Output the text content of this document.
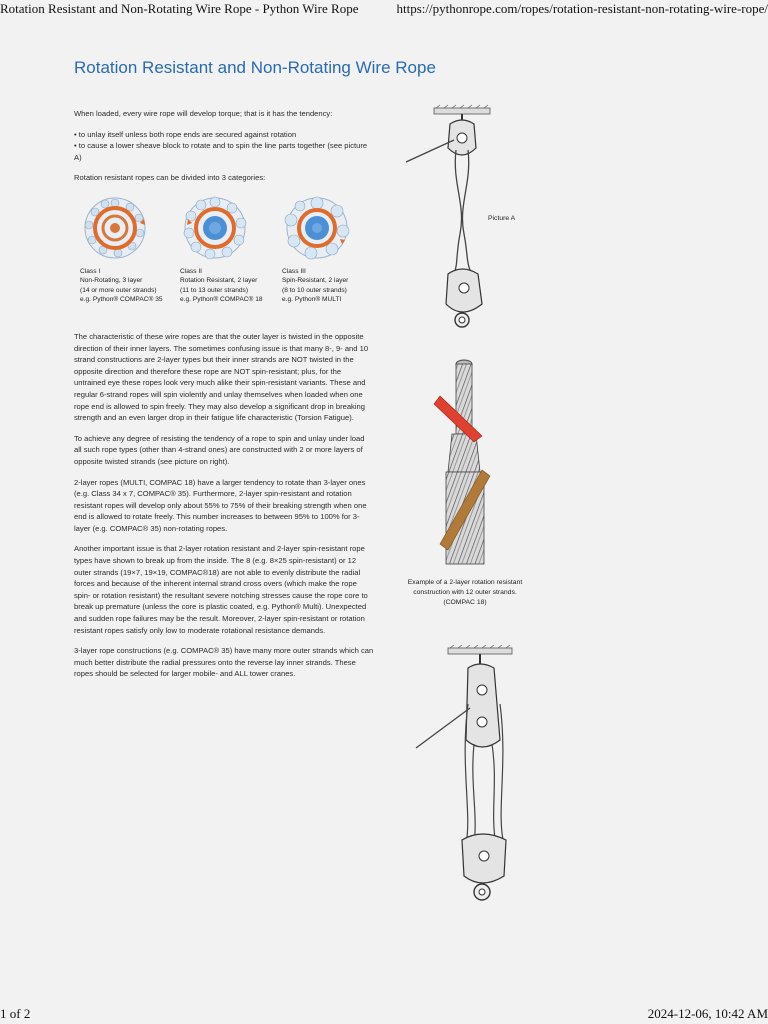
Rotation Resistant and Non-Rotating Wire Rope - Python Wire Rope	https://pythonrope.com/ropes/rotation-resistant-non-rotating-wire-rope/
Rotation Resistant and Non-Rotating Wire Rope

When loaded, every wire rope will develop torque; that is it has the tendency:

• to unlay itself unless both rope ends are secured against rotation
• to cause a lower sheave block to rotate and to spin the line parts together (see picture A)

Rotation resistant ropes can be divided into 3 categories:

Class I
Non-Rotating, 3 layer
(14 or more outer strands)
e.g. Python® COMPAC® 35
Class II
Rotation Resistant, 2 layer
(11 to 13 outer strands)
e.g. Python® COMPAC® 18
Class III
Spin-Resistant, 2 layer
(8 to 10 outer strands)
e.g. Python® MULTI

The characteristic of these wire ropes are that the outer layer is twisted in the opposite direction of their inner layers. The sometimes confusing issue is that many 8-, 9- and 10 strand constructions are 2-layer types but their inner strands are NOT twisted in the opposite direction and therefore these rope are NOT spin-resistant; plus, for the untrained eye these ropes look very much alike their spin-resistant variants. These and regular 6-strand ropes will spin violently and unlay themselves when loaded when one rope end is allowed to spin freely. They may also develop a significant drop in breaking strength and an even larger drop in their fatigue life characteristic (Torsion Fatigue).

To achieve any degree of resisting the tendency of a rope to spin and unlay under load all such rope types (other than 4-strand ones) are constructed with 2 or more layers of opposite twisted strands (see picture on right).

2-layer ropes (MULTI, COMPAC 18) have a larger tendency to rotate than 3-layer ones (e.g. Class 34 x 7, COMPAC® 35). Furthermore, 2-layer spin-resistant and rotation resistant ropes will develop only about 55% to 75% of their breaking strength when one end is allowed to rotate freely. This number increases to between 95% to 100% for 3-layer (e.g. COMPAC® 35) non-rotating ropes.

Another important issue is that 2-layer rotation resistant and 2-layer spin-resistant rope types have shown to break up from the inside. The 8 (e.g. 8×25 spin-resistant) or 12 outer strands (19×7, 19×19, COMPAC®18) are not able to evenly distribute the radial forces and because of the inherent internal strand cross overs (which make the rope spin- or rotation resistant) the resultant severe notching stresses cause the rope core to break up premature (unless the core is plastic coated, e.g. Python® Multi). Unexpected and sudden rope failures may be the result. Moreover, 2-layer spin-resistant or rotation resistant ropes satisfy only low to moderate rotational resistance demands.

3-layer rope constructions (e.g. COMPAC® 35) have many more outer strands which can much better distribute the radial pressures onto the reverse lay inner strands. These ropes should be selected for larger mobile- and ALL tower cranes.

Picture A
Example of a 2-layer rotation resistant construction with 12 outer strands. (COMPAC 18)
1 of 2	2024-12-06, 10:42 AM
